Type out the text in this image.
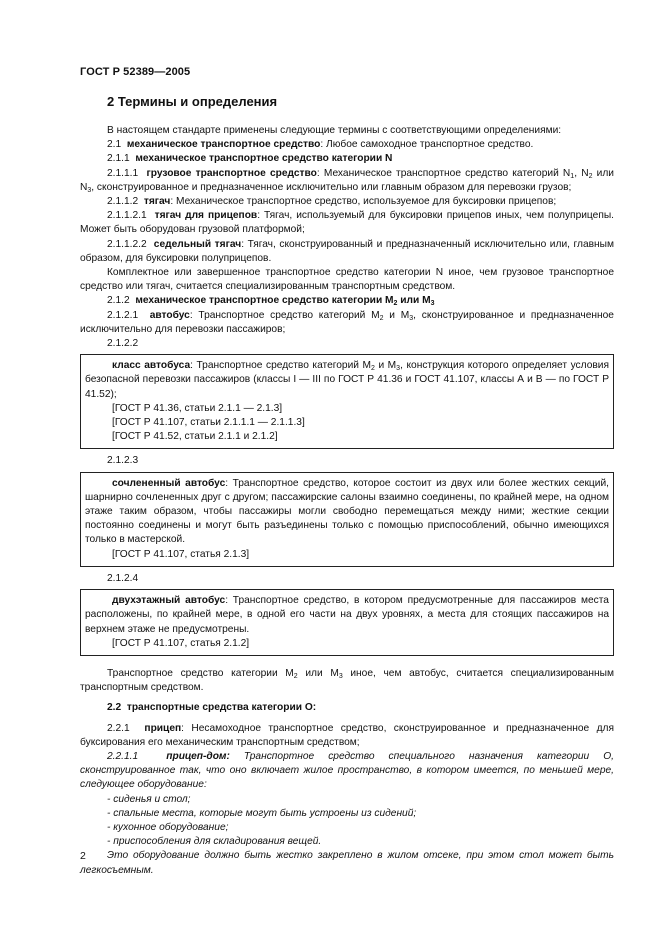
ГОСТ Р 52389—2005
2 Термины и определения

В настоящем стандарте применены следующие термины с соответствующими определениями:

2.1 механическое транспортное средство: Любое самоходное транспортное средство.

2.1.1 механическое транспортное средство категории N

2.1.1.1 грузовое транспортное средство: Механическое транспортное средство категорий $N_1$, $N_2$ или $N_3$, сконструированное и предназначенное исключительно или главным образом для перевозки грузов;

2.1.1.2 тягач: Механическое транспортное средство, используемое для буксировки прицепов;

2.1.1.2.1 тягач для прицепов: Тягач, используемый для буксировки прицепов иных, чем полуприцепы. Может быть оборудован грузовой платформой;

2.1.1.2.2 седельный тягач: Тягач, сконструированный и предназначенный исключительно или, главным образом, для буксировки полуприцепов.

Комплектное или завершенное транспортное средство категории N иное, чем грузовое транспортное средство или тягач, считается специализированным транспортным средством.

2.1.2 механическое транспортное средство категории $M_2$ или $M_3$

2.1.2.1 автобус: Транспортное средство категорий $M_2$ и $M_3$, сконструированное и предназначенное исключительно для перевозки пассажиров;

2.1.2.2

класс автобуса: Транспортное средство категорий $M_2$ и $M_3$, конструкция которого определяет условия безопасной перевозки пассажиров (классы I — III по ГОСТ Р 41.36 и ГОСТ 41.107, классы А и В — по ГОСТ Р 41.52);

[ГОСТ Р 41.36, статьи 2.1.1 — 2.1.3]

[ГОСТ Р 41.107, статьи 2.1.1.1 — 2.1.1.3]

[ГОСТ Р 41.52, статьи 2.1.1 и 2.1.2]

2.1.2.3

сочлененный автобус: Транспортное средство, которое состоит из двух или более жестких секций, шарнирно сочлененных друг с другом; пассажирские салоны взаимно соединены, по крайней мере, на одном этаже таким образом, чтобы пассажиры могли свободно перемещаться между ними; жесткие секции постоянно соединены и могут быть разъединены только с помощью приспособлений, обычно имеющихся только в мастерской.

[ГОСТ Р 41.107, статья 2.1.3]

2.1.2.4

двухэтажный автобус: Транспортное средство, в котором предусмотренные для пассажиров места расположены, по крайней мере, в одной его части на двух уровнях, а места для стоящих пассажиров на верхнем этаже не предусмотрены.

[ГОСТ Р 41.107, статья 2.1.2]

Транспортное средство категории $M_2$ или $M_3$ иное, чем автобус, считается специализированным транспортным средством.

2.2 транспортные средства категории O:

2.2.1 прицеп: Несамоходное транспортное средство, сконструированное и предназначенное для буксирования его механическим транспортным средством;

2.2.1.1	прицеп-дом: Транспортное средство специального назначения категории O, сконструированное так, что оно включает жилое пространство, в котором имеется, по меньшей мере, следующее оборудование:

- сиденья и стол;

- спальные места, которые могут быть устроены из сидений;

- кухонное оборудование;

- приспособления для складирования вещей.

Это оборудование должно быть жестко закреплено в жилом отсеке, при этом стол может быть легкосъемным.

2
